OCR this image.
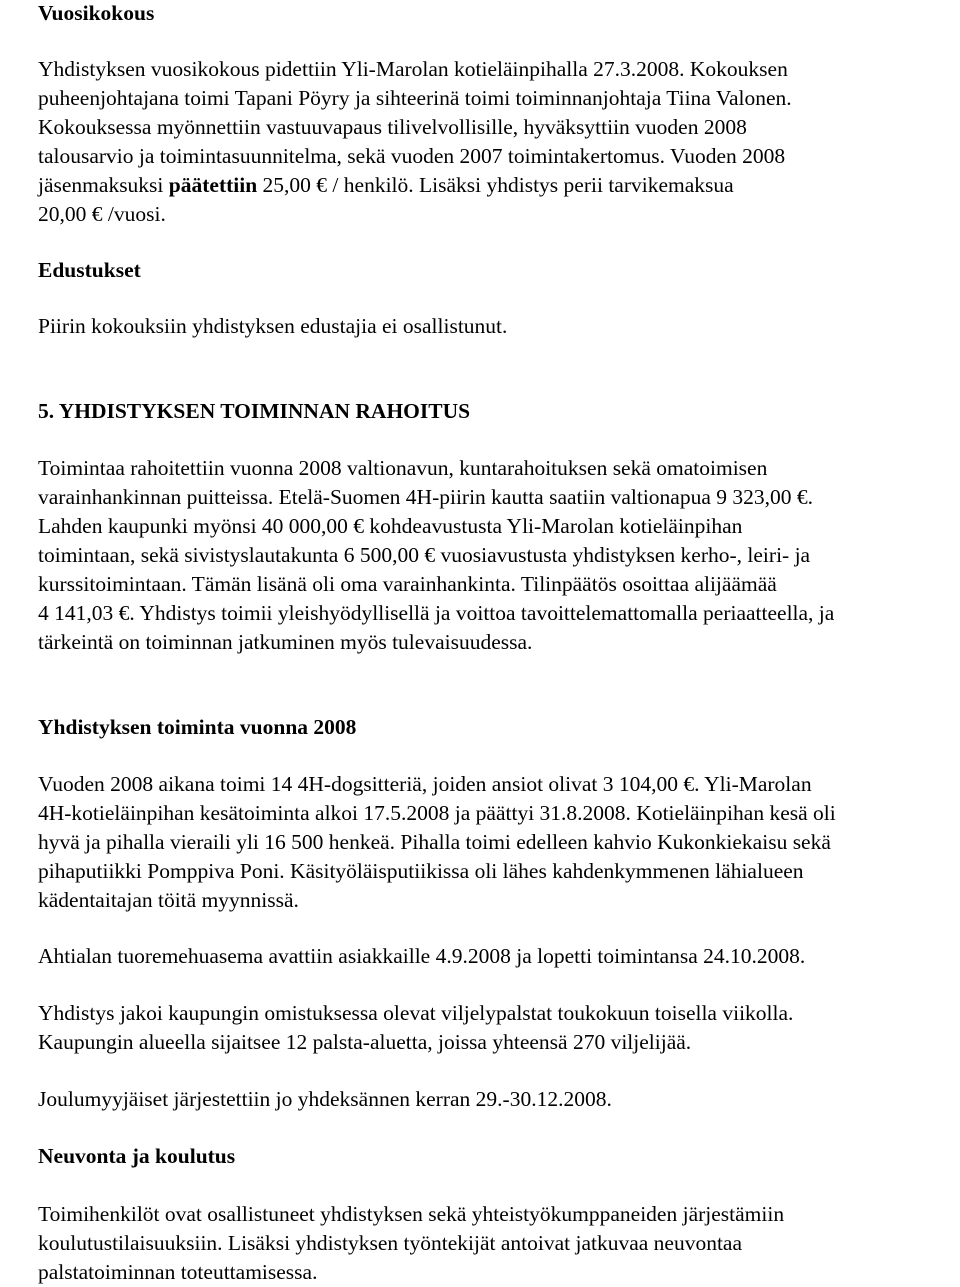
Vuosikokous
Yhdistyksen vuosikokous pidettiin Yli-Marolan kotieläinpihalla 27.3.2008. Kokouksen
puheenjohtajana toimi Tapani Pöyry ja sihteerinä toimi toiminnanjohtaja Tiina Valonen.
Kokouksessa myönnettiin vastuuvapaus tilivelvollisille, hyväksyttiin vuoden 2008
talousarvio ja toimintasuunnitelma, sekä vuoden 2007 toimintakertomus. Vuoden 2008
jäsenmaksuksi päätettiin 25,00 € / henkilö. Lisäksi yhdistys perii tarvikemaksua
20,00 € /vuosi.
Edustukset
Piirin kokouksiin yhdistyksen edustajia ei osallistunut.
5. YHDISTYKSEN TOIMINNAN RAHOITUS
Toimintaa rahoitettiin vuonna 2008 valtionavun, kuntarahoituksen sekä omatoimisen
varainhankinnan puitteissa. Etelä-Suomen 4H-piirin kautta saatiin valtionapua 9 323,00 €.
Lahden kaupunki myönsi 40 000,00 € kohdeavustusta Yli-Marolan kotieläinpihan
toimintaan, sekä sivistyslautakunta 6 500,00 € vuosiavustusta yhdistyksen kerho-, leiri- ja
kurssitoimintaan. Tämän lisänä oli oma varainhankinta. Tilinpäätös osoittaa alijäämää
4 141,03 €. Yhdistys toimii yleishyödyllisellä ja voittoa tavoittelemattomalla periaatteella, ja
tärkeintä on toiminnan jatkuminen myös tulevaisuudessa.
Yhdistyksen toiminta vuonna 2008
Vuoden 2008 aikana toimi 14 4H-dogsitteriä, joiden ansiot olivat 3 104,00 €. Yli-Marolan
4H-kotieläinpihan kesätoiminta alkoi 17.5.2008 ja päättyi 31.8.2008. Kotieläinpihan kesä oli
hyvä ja pihalla vieraili yli 16 500 henkeä. Pihalla toimi edelleen kahvio Kukonkiekaisu sekä
pihaputiikki Pomppiva Poni. Käsityöläisputiikissa oli lähes kahdenkymmenen lähialueen
kädentaitajan töitä myynnissä.
Ahtialan tuoremehuasema avattiin asiakkaille 4.9.2008 ja lopetti toimintansa 24.10.2008.
Yhdistys jakoi kaupungin omistuksessa olevat viljelypalstat toukokuun toisella viikolla.
Kaupungin alueella sijaitsee 12 palsta-aluetta, joissa yhteensä 270 viljelijää.
Joulumyyjäiset järjestettiin jo yhdeksännen kerran 29.-30.12.2008.
Neuvonta ja koulutus
Toimihenkilöt ovat osallistuneet yhdistyksen sekä yhteistyökumppaneiden järjestämiin
koulutustilaisuuksiin. Lisäksi yhdistyksen työntekijät antoivat jatkuvaa neuvontaa
palstatoiminnan toteuttamisessa.
